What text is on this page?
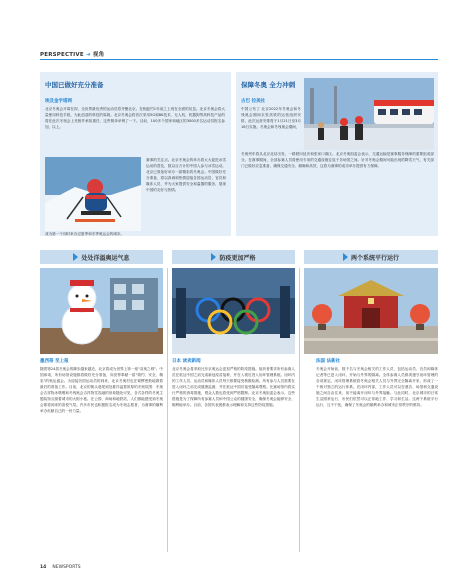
PERSPECTIVE ➔ 视角
中国已做好充分准备
埃及金字塔网
北京冬奥会开幕在即，全世界最优秀的运动员将齐聚北京。在相距约1年前之上现在全面的信息。北京冬奥会将大量使用科技手段，为此创造的科技的原貌。北京冬奥会将首次采用5G和8K技术，无人机，机器狗等高科技产品的将在此次冬奥会上亮相并承担重任，这些简单举例了一下。目前，100多个国家和地区的3000多名运动员报名参加，以上。
赛事的关注点。北京冬奥会的举办将大大促进冰雪运动的普及，数以百万计的中国人参与冰雪运动。北京已准备好举办一届精彩的冬奥会。中国做好充分准备，将以真诚和热情迎接各国运动员、官员和媒体人员，并为大家提供安全和温馨的服务，展现中国的友好与热情。
成为第一个同时举办过夏季和冬季奥运会的城市。
保障冬奥 全力冲刺
古巴 拉美社
中国公布了 北京2022年冬奥会和冬残奥会期间京张高铁的运营组织安排，此次运营安排将于1月21日至3月16日实施。冬奥会和冬残奥会期间，
冬奥列车将从北京北站出发，一路驶向延庆和张家口赛区。北京冬奥组委会表示，交通运输是赛事服务保障的重要组成部分。在赛事期间，全部参赛人员将使用专用的交通设施往返于各场馆之间。针对冬奥会期间可能出现的降雪天气，有关部门已做好应急准备，确保交通安全、顺畅和高效，这将为赛事的成功举办提供有力保障。
处处洋溢奥运气息	防疫更加严格	两个系统平行运行
墨西哥 至上报
随着第24届冬奥会的脚步越来越近，北京将成为世界上第一座"双奥之城"。中国承诺，所有场馆设施都将做好充分准备，向世界奉献一届"简约、安全、精彩"的奥运盛会。为迎接各国运动员的到来，北京冬奥村也在紧锣密鼓地做着最后的准备工作。目前，北京的街头巷尾到处都洋溢着浓厚的冬奥氛围：冬奥会吉祥物冰墩墩和冬残奥会吉祥物雪容融的形象随处可见，各式各样的冬奥主题装饰点缀着城市的大街小巷。在公园、商场和地铁站，人们都能感受到冬奥会即将到来的喜悦气氛。许多市民也积极报名成为冬奥志愿者，为赛事的顺利举办贡献自己的一份力量。
日本 读卖新闻
北京冬奥会将采取比东京奥运会更加严格的防疫措施。组织者要求所有参赛人员在抵达中国之前完成新冠疫苗接种，并在入境后进入闭环管理系统。闭环内的工作人员、运动员和媒体人员每天都要接受核酸检测。所有参与人员需要在进入闭环之前完成健康监测，并在抵达中国后接受隔离观察。比赛场馆内将实行严格的消毒措施，观众人数也将受到严格限制。北京冬奥组委会表示，这些措施是为了保障所有参赛人员和中国公众的健康安全，确保冬奥会能够安全、顺利地举办。目前，各国代表团都表示理解和支持这些防疫措施。
法国 法新社
冬奥会开始前，数千名与冬奥会相关的工作人员、包括运动员、官员和媒体记者等已进入闭环，开始与外界的隔离。全体参赛人员都须遵守闭环管理的各项规定。闭环管理系统将冬奥会相关人员与外界完全隔离开来，形成了一个相对独立的运行体系。在闭环内部，工作人员可以在酒店、场馆和交通设施之间自由往来，但不能离开闭环与外界接触。与此同时，北京城市的日常生活照常运行，市民们依然可以正常地工作、学习和生活。这两个系统平行运行，互不干扰，确保了冬奥会的顺利举办和城市正常秩序的维持。
14 NEWSPORTS
